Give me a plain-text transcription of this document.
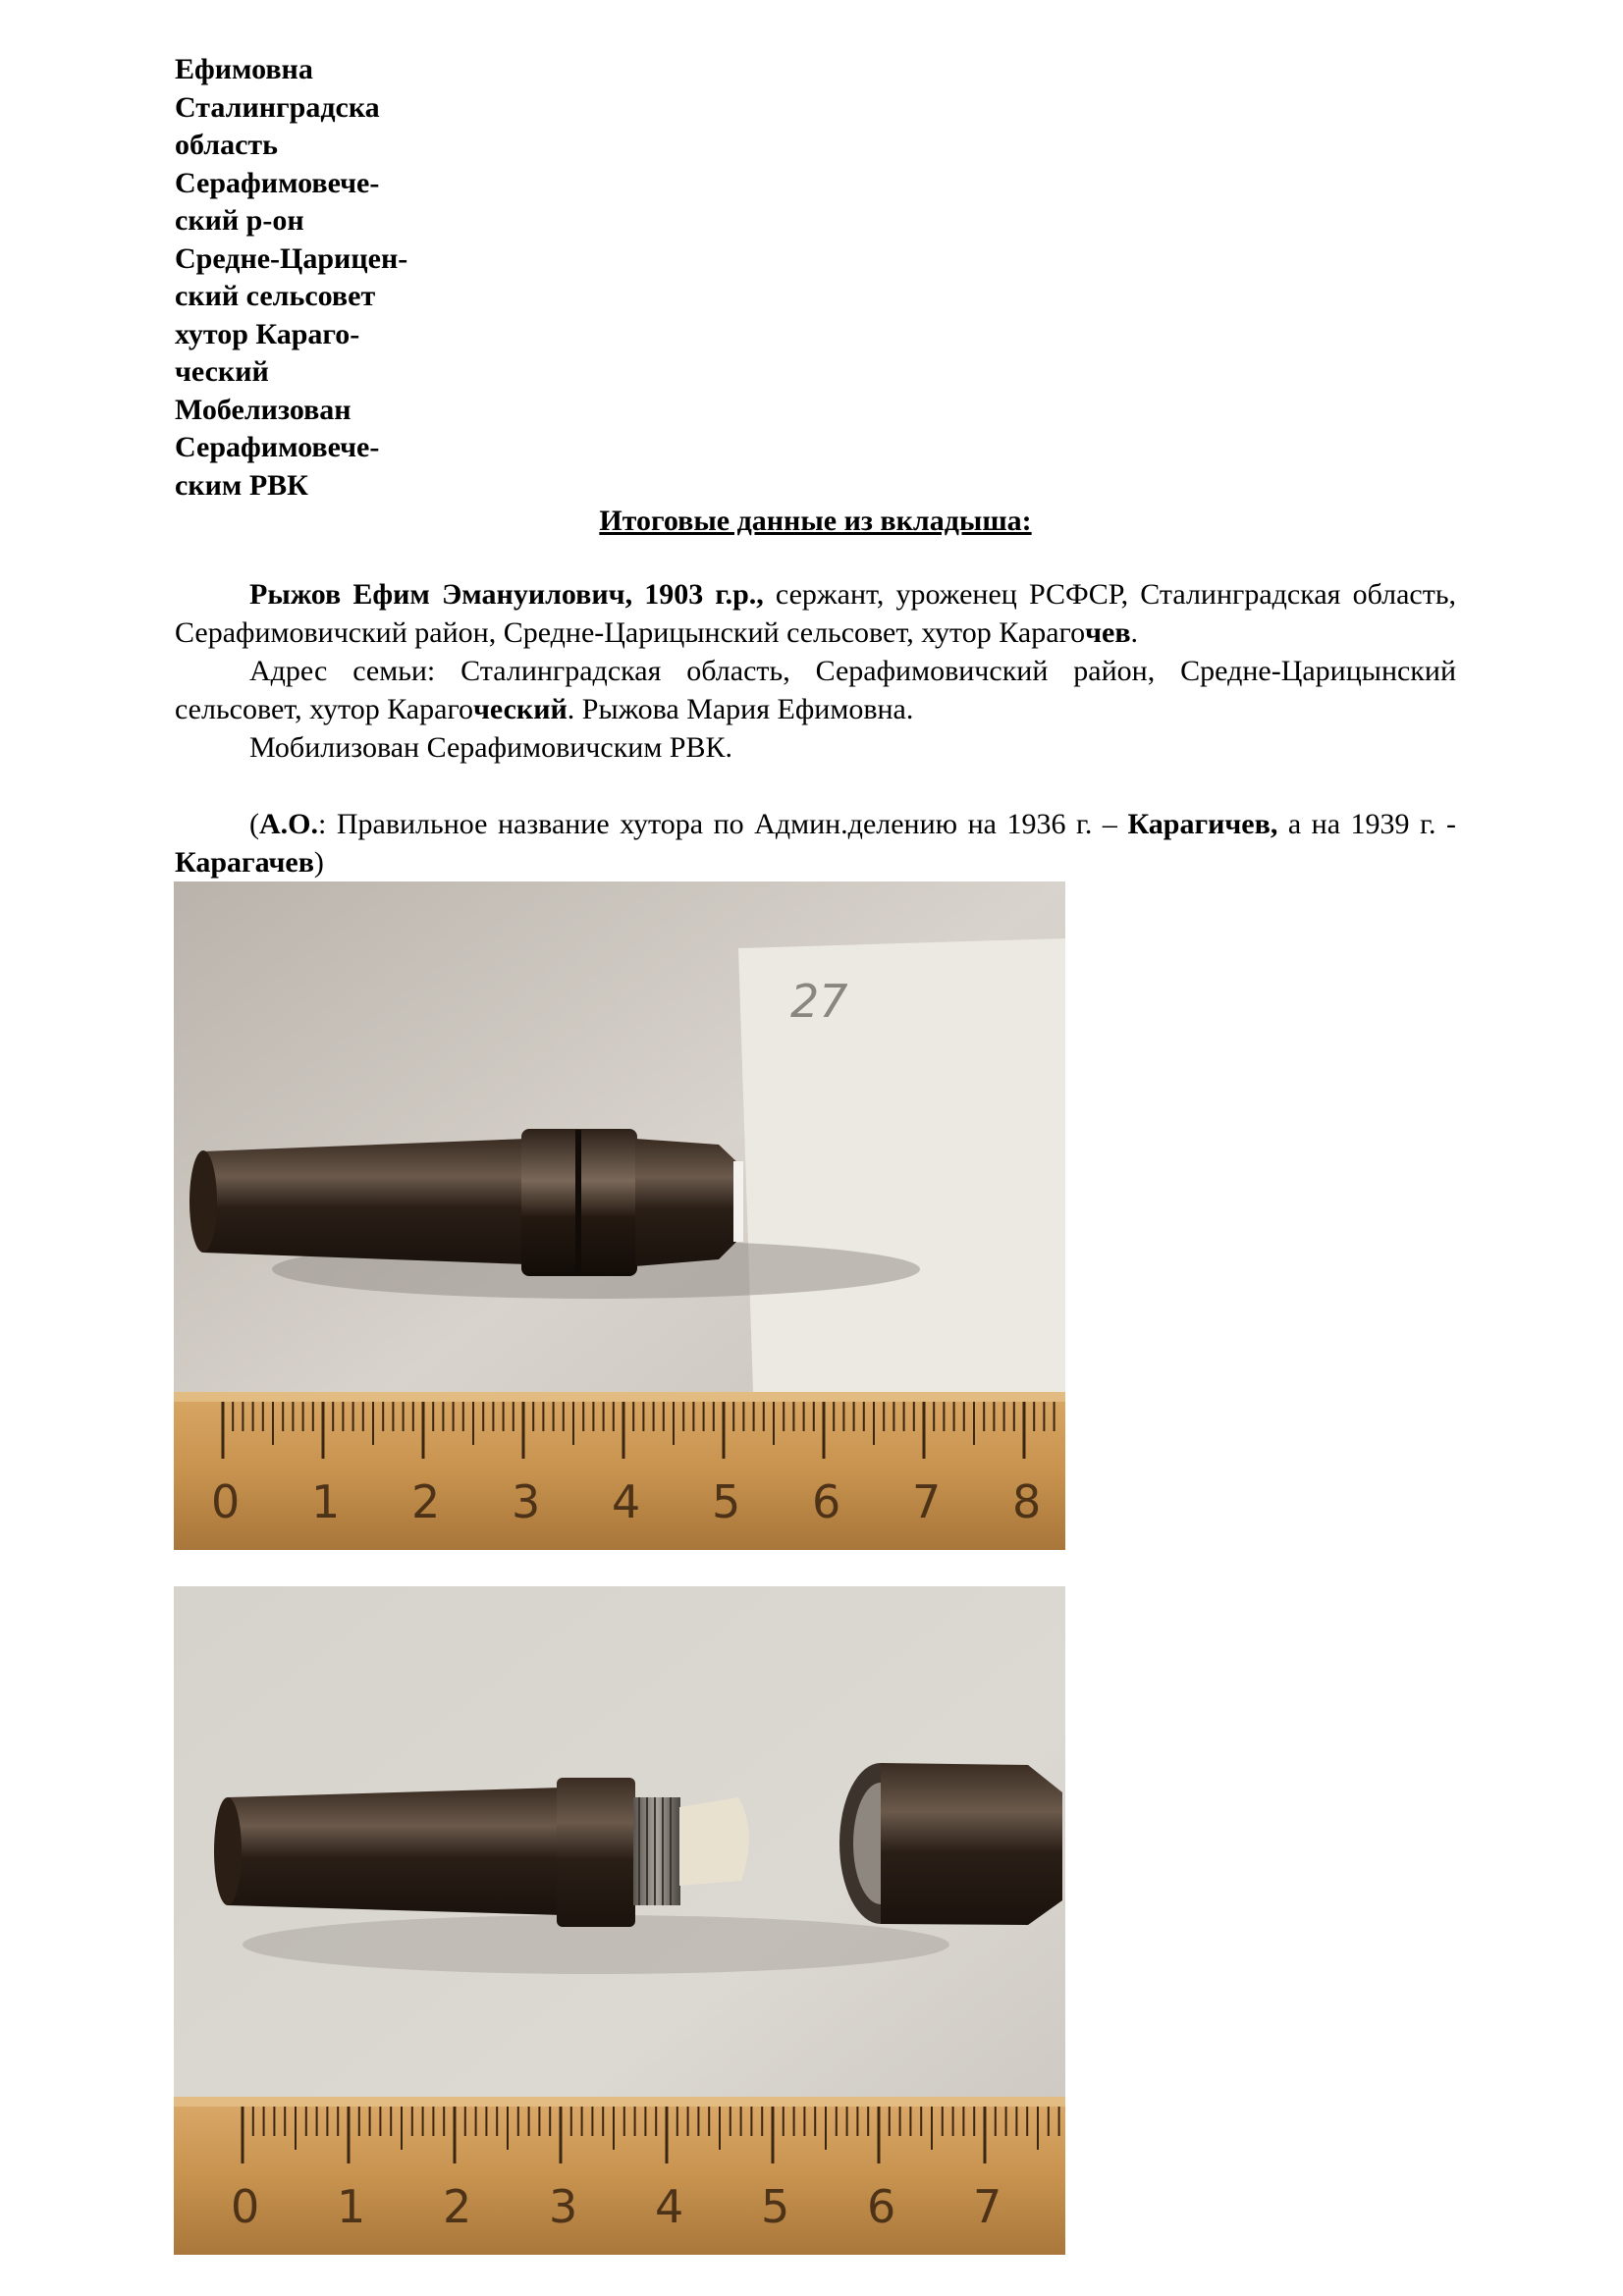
Ефимовна
Сталинградска
область
Серафимовече-
ский р-он
Средне-Царицен-
ский сельсовет
хутор Караго-
ческий
Мобелизован
Серафимовече-
ским РВК
Итоговые данные из вкладыша:

Рыжов Ефим Эмануилович, 1903 г.р., сержант, уроженец РСФСР, Сталинградская область, Серафимовичский район, Средне-Царицынский сельсовет, хутор Карагочев.

Адрес семьи: Сталинградская область, Серафимовичский район, Средне-Царицынский сельсовет, хутор Карагоческий. Рыжова Мария Ефимовна.

Мобилизован Серафимовичским РВК.

(А.О.: Правильное название хутора по Админ.делению на 1936 г. – Карагичев, а на 1939 г. - Карагачев)

27
0 1 2 3 4 5 6 7 8
0 1 2 3 4 5 6 7
